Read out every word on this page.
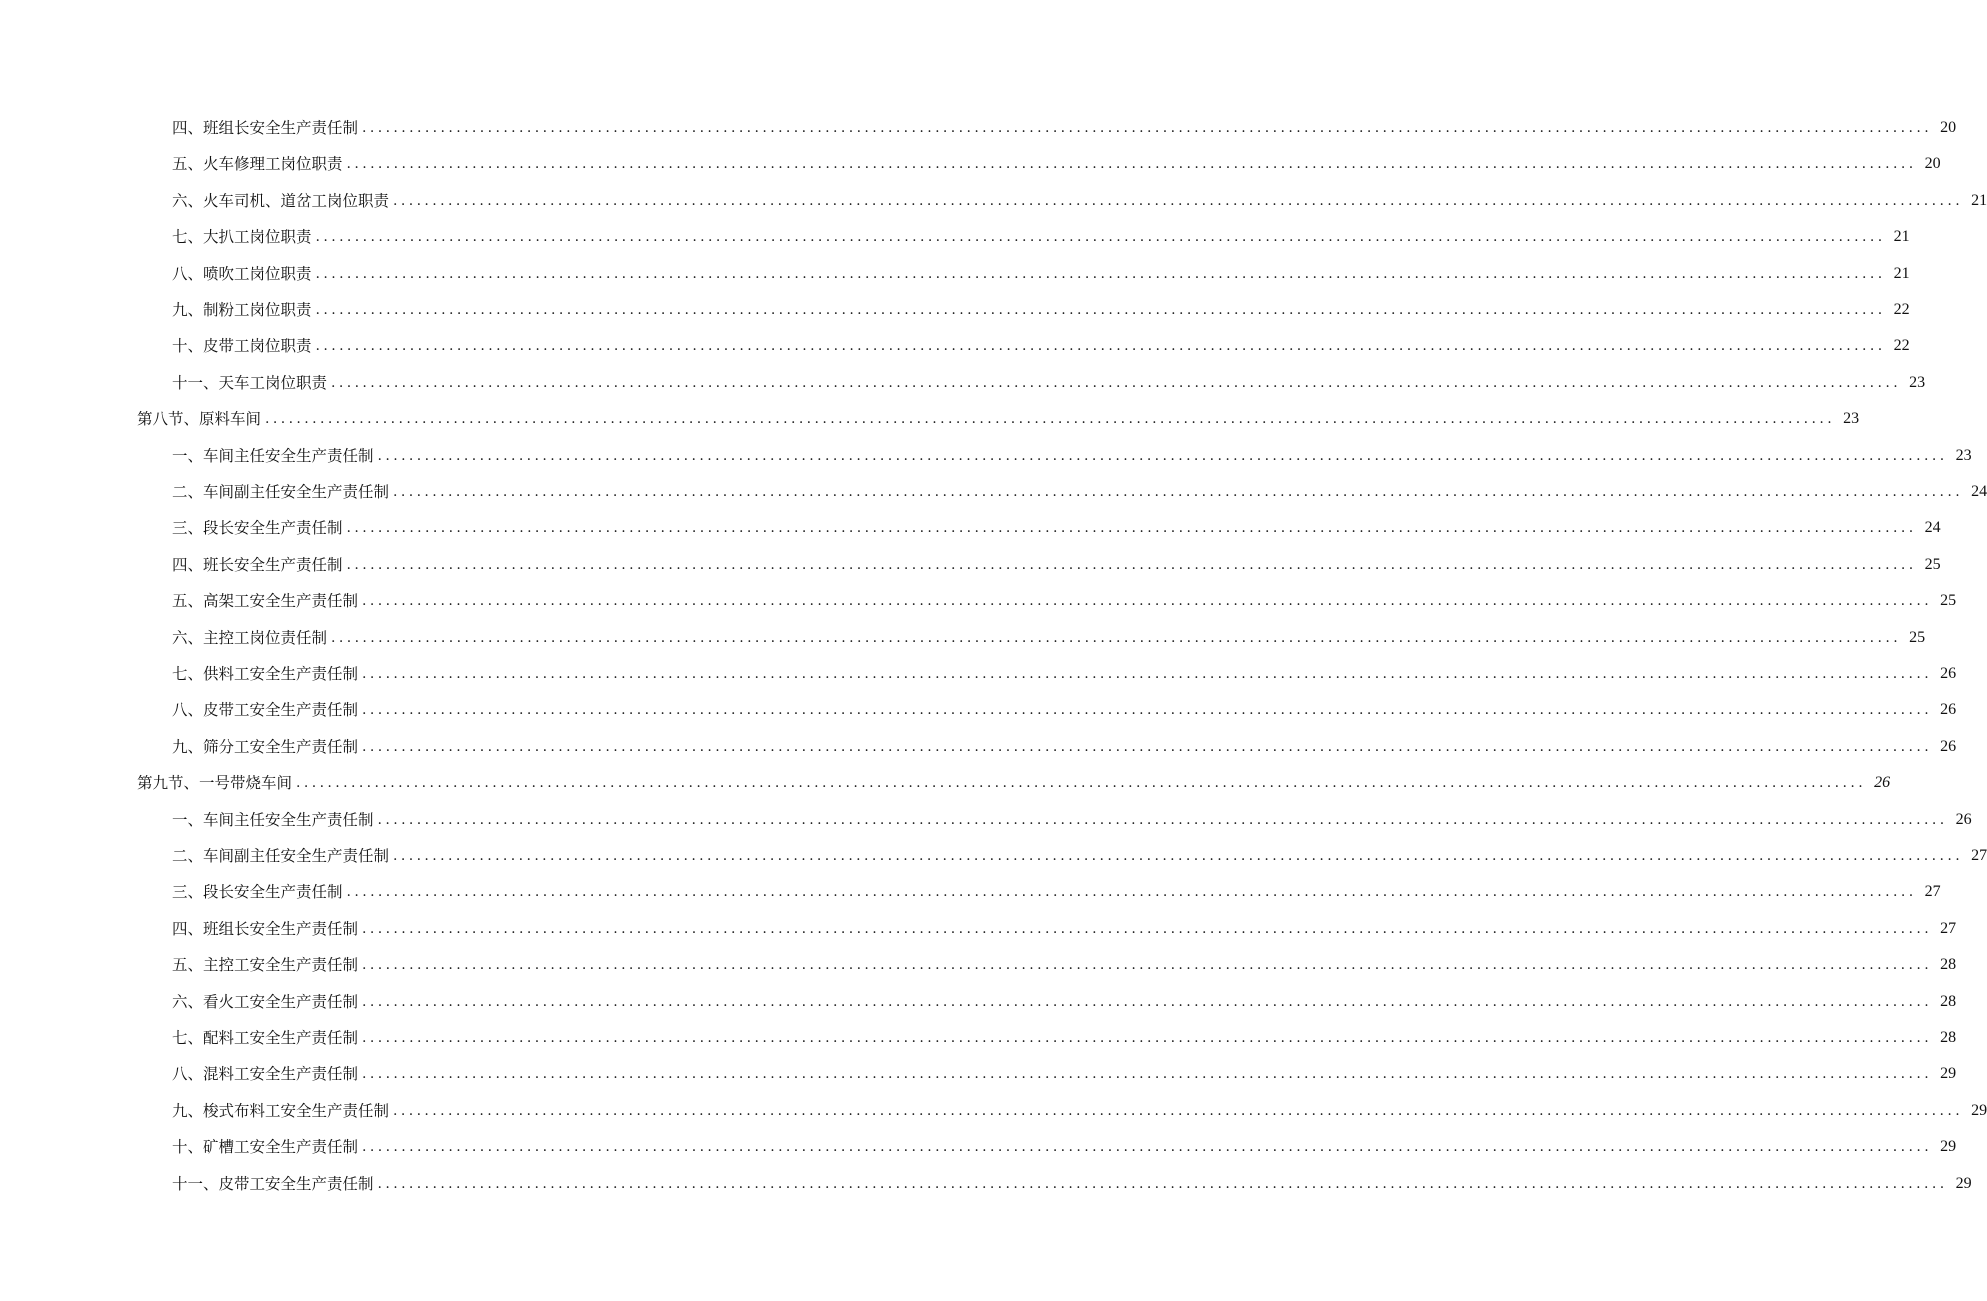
四、班组长安全生产责任制 ........................................................................................................................................................................................................ 20
五、火车修理工岗位职责 ........................................................................................................................................................................................................ 20
六、火车司机、道岔工岗位职责 ........................................................................................................................................................................................................ 21
七、大扒工岗位职责 ........................................................................................................................................................................................................ 21
八、喷吹工岗位职责 ........................................................................................................................................................................................................ 21
九、制粉工岗位职责 ........................................................................................................................................................................................................ 22
十、皮带工岗位职责 ........................................................................................................................................................................................................ 22
十一、天车工岗位职责 ........................................................................................................................................................................................................ 23
第八节、原料车间 ........................................................................................................................................................................................................ 23
一、车间主任安全生产责任制 ........................................................................................................................................................................................................ 23
二、车间副主任安全生产责任制 ........................................................................................................................................................................................................ 24
三、段长安全生产责任制 ........................................................................................................................................................................................................ 24
四、班长安全生产责任制 ........................................................................................................................................................................................................ 25
五、高架工安全生产责任制 ........................................................................................................................................................................................................ 25
六、主控工岗位责任制 ........................................................................................................................................................................................................ 25
七、供料工安全生产责任制 ........................................................................................................................................................................................................ 26
八、皮带工安全生产责任制 ........................................................................................................................................................................................................ 26
九、筛分工安全生产责任制 ........................................................................................................................................................................................................ 26
第九节、一号带烧车间 ........................................................................................................................................................................................................ 26
一、车间主任安全生产责任制 ........................................................................................................................................................................................................ 26
二、车间副主任安全生产责任制 ........................................................................................................................................................................................................ 27
三、段长安全生产责任制 ........................................................................................................................................................................................................ 27
四、班组长安全生产责任制 ........................................................................................................................................................................................................ 27
五、主控工安全生产责任制 ........................................................................................................................................................................................................ 28
六、看火工安全生产责任制 ........................................................................................................................................................................................................ 28
七、配料工安全生产责任制 ........................................................................................................................................................................................................ 28
八、混料工安全生产责任制 ........................................................................................................................................................................................................ 29
九、梭式布料工安全生产责任制 ........................................................................................................................................................................................................ 29
十、矿槽工安全生产责任制 ........................................................................................................................................................................................................ 29
十一、皮带工安全生产责任制 ........................................................................................................................................................................................................ 29
